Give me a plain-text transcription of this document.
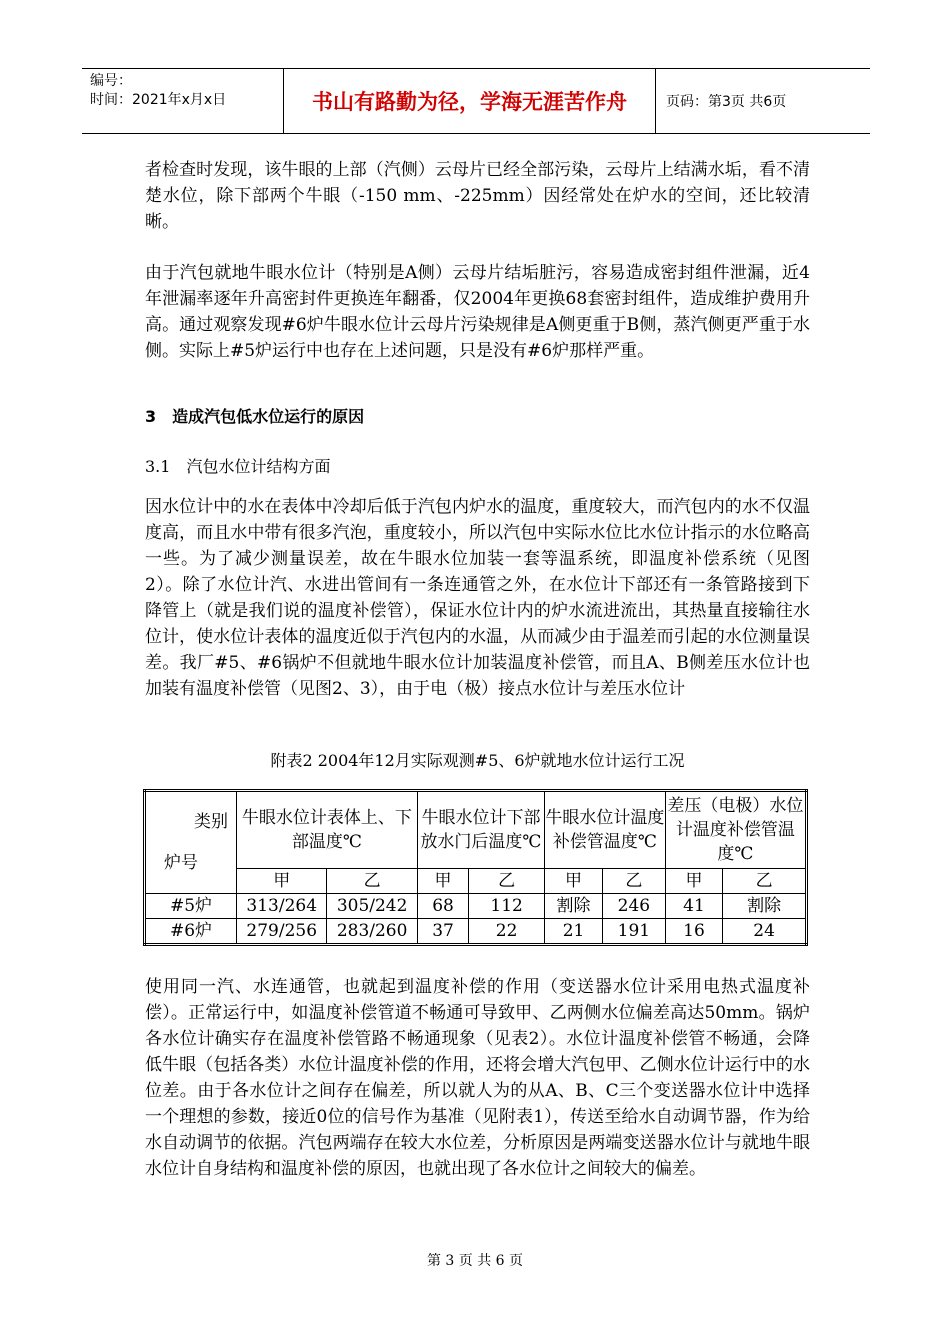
编号：
时间：2021年x月x日	书山有路勤为径，学海无涯苦作舟	页码：第3页 共6页

者检查时发现，该牛眼的上部（汽侧）云母片已经全部污染，云母片上结满水垢，看不清楚水位，除下部两个牛眼（-150 mm、-225mm）因经常处在炉水的空间，还比较清晰。

由于汽包就地牛眼水位计（特别是A侧）云母片结垢脏污，容易造成密封组件泄漏，近4年泄漏率逐年升高密封件更换连年翻番，仅2004年更换68套密封组件，造成维护费用升高。通过观察发现#6炉牛眼水位计云母片污染规律是A侧更重于B侧，蒸汽侧更严重于水侧。实际上#5炉运行中也存在上述问题，只是没有#6炉那样严重。

3　造成汽包低水位运行的原因

3.1　汽包水位计结构方面

因水位计中的水在表体中冷却后低于汽包内炉水的温度，重度较大，而汽包内的水不仅温度高，而且水中带有很多汽泡，重度较小，所以汽包中实际水位比水位计指示的水位略高一些。为了减少测量误差，故在牛眼水位加装一套等温系统，即温度补偿系统（见图2）。除了水位计汽、水进出管间有一条连通管之外，在水位计下部还有一条管路接到下降管上（就是我们说的温度补偿管），保证水位计内的炉水流进流出，其热量直接输往水位计，使水位计表体的温度近似于汽包内的水温，从而减少由于温差而引起的水位测量误差。我厂#5、#6锅炉不但就地牛眼水位计加装温度补偿管，而且A、B侧差压水位计也加装有温度补偿管（见图2、3），由于电（极）接点水位计与差压水位计

附表2 2004年12月实际观测#5、6炉就地水位计运行工况
类别
炉号	牛眼水位计表体上、下部温度℃		牛眼水位计下部放水门后温度℃		牛眼水位计温度补偿管温度℃		差压（电极）水位计温度补偿管温度℃	
	甲	乙	甲	乙	甲	乙	甲	乙
#5炉	313/264	305/242	68	112	割除	246	41	割除
#6炉	279/256	283/260	37	22	21	191	16	24

使用同一汽、水连通管，也就起到温度补偿的作用（变送器水位计采用电热式温度补偿）。正常运行中，如温度补偿管道不畅通可导致甲、乙两侧水位偏差高达50mm。锅炉各水位计确实存在温度补偿管路不畅通现象（见表2）。水位计温度补偿管不畅通，会降低牛眼（包括各类）水位计温度补偿的作用，还将会增大汽包甲、乙侧水位计运行中的水位差。由于各水位计之间存在偏差，所以就人为的从A、B、C三个变送器水位计中选择一个理想的参数，接近0位的信号作为基准（见附表1），传送至给水自动调节器，作为给水自动调节的依据。汽包两端存在较大水位差，分析原因是两端变送器水位计与就地牛眼水位计自身结构和温度补偿的原因，也就出现了各水位计之间较大的偏差。

第 3 页 共 6 页
